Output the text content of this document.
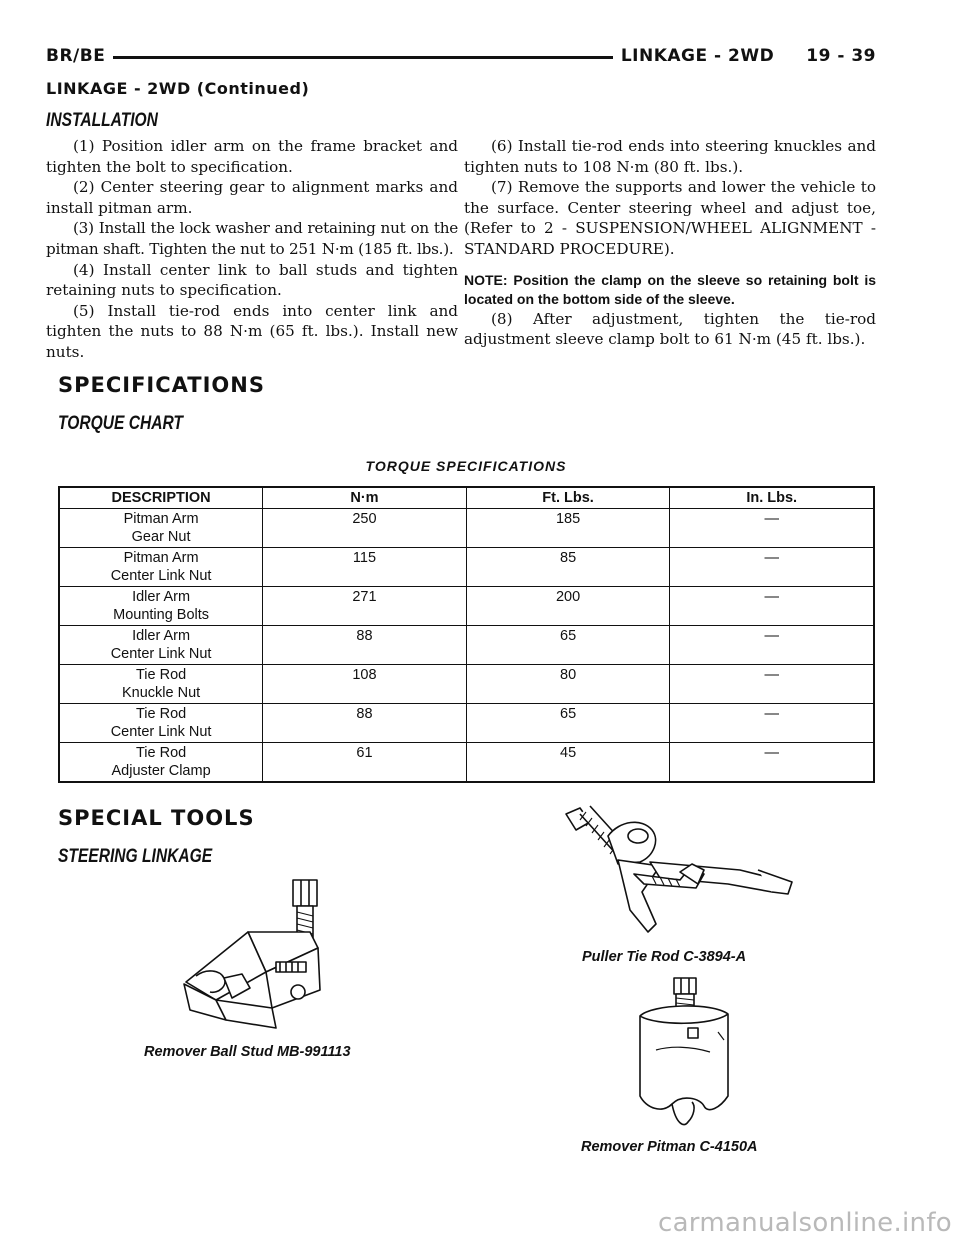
BR/BE	LINKAGE - 2WD     19 - 39
LINKAGE - 2WD (Continued)
INSTALLATION

(1) Position idler arm on the frame bracket and tighten the bolt to specification.

(2) Center steering gear to alignment marks and install pitman arm.

(3) Install the lock washer and retaining nut on the pitman shaft. Tighten the nut to 251 N·m (185 ft. lbs.).

(4) Install center link to ball studs and tighten retaining nuts to specification.

(5) Install tie-rod ends into center link and tighten the nuts to 88 N·m (65 ft. lbs.). Install new nuts.

(6) Install tie-rod ends into steering knuckles and tighten nuts to 108 N·m (80 ft. lbs.).

(7) Remove the supports and lower the vehicle to the surface. Center steering wheel and adjust toe, (Refer to 2 - SUSPENSION/WHEEL ALIGNMENT - STANDARD PROCEDURE).

NOTE: Position the clamp on the sleeve so retaining bolt is located on the bottom side of the sleeve.

(8) After adjustment, tighten the tie-rod adjustment sleeve clamp bolt to 61 N·m (45 ft. lbs.).

SPECIFICATIONS
TORQUE CHART
TORQUE SPECIFICATIONS
DESCRIPTION	N·m	Ft. Lbs.	In. Lbs.
Pitman Arm
Gear Nut	250	185	—
Pitman Arm
Center Link Nut	115	85	—
Idler Arm
Mounting Bolts	271	200	—
Idler Arm
Center Link Nut	88	65	—
Tie Rod
Knuckle Nut	108	80	—
Tie Rod
Center Link Nut	88	65	—
Tie Rod
Adjuster Clamp	61	45	—
SPECIAL TOOLS
STEERING LINKAGE
Remover Ball Stud MB-991113
Puller Tie Rod C-3894-A
Remover Pitman C-4150A
carmanualsonline.info
